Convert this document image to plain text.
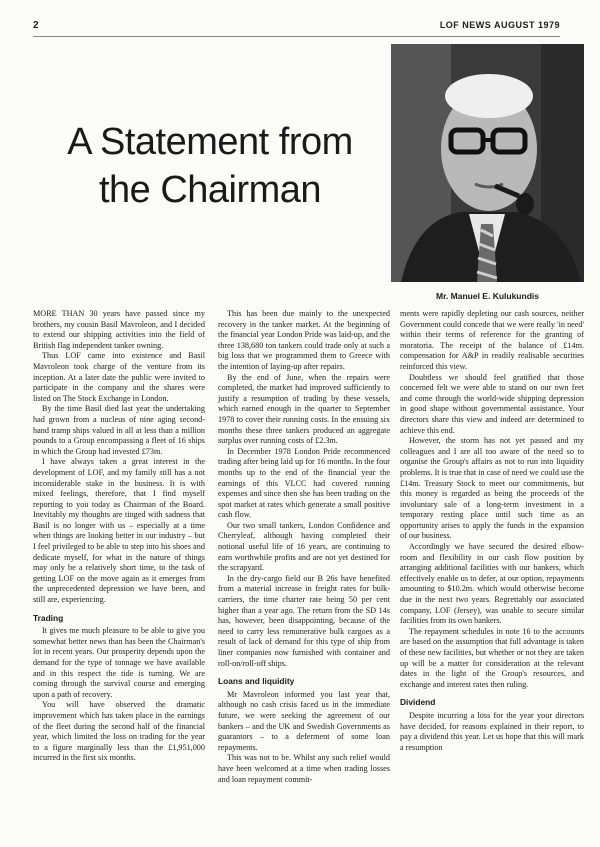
2	LOF NEWS AUGUST 1979
A Statement from
the Chairman
Mr. Manuel E. Kulukundis

MORE THAN 30 years have passed since my brothers, my cousin Basil Mavroleon, and I decided to extend our shipping activities into the field of British flag independent tanker owning.

Thus LOF came into existence and Basil Mavroleon took charge of the venture from its inception. At a later date the public were invited to participate in the company and the shares were listed on The Stock Exchange in London.

By the time Basil died last year the undertaking had grown from a nucleus of nine aging second-hand tramp ships valued in all at less than a million pounds to a Group encompassing a fleet of 16 ships in which the Group had invested £73m.

I have always taken a great interest in the development of LOF, and my family still has a not inconsiderable stake in the business. It is with mixed feelings, therefore, that I find myself reporting to you today as Chairman of the Board. Inevitably my thoughts are tinged with sadness that Basil is no longer with us – especially at a time when things are looking better in our industry – but I feel privileged to be able to step into his shoes and dedicate myself, for what in the nature of things may only be a relatively short time, to the task of getting LOF on the move again as it emerges from the unprecedented depression we have been, and still are, experiencing.

Trading

It gives me much pleasure to be able to give you somewhat better news than has been the Chairman's lot in recent years. Our prosperity depends upon the demand for the type of tonnage we have available and in this respect the tide is turning. We are coming through the survival course and emerging upon a path of recovery.

You will have observed the dramatic improvement which has taken place in the earnings of the fleet during the second half of the financial year, which limited the loss on trading for the year to a figure marginally less than the £1,951,000 incurred in the first six months.

This has been due mainly to the unexpected recovery in the tanker market. At the beginning of the financial year London Pride was laid-up, and the three 138,680 ton tankers could trade only at such a big loss that we programmed them to Greece with the intention of laying-up after repairs.

By the end of June, when the repairs were completed, the market had improved sufficiently to justify a resumption of trading by these vessels, which earned enough in the quarter to September 1978 to cover their running costs. In the ensuing six months these three tankers produced an aggregate surplus over running costs of £2.3m.

In December 1978 London Pride recommenced trading after being laid up for 16 months. In the four months up to the end of the financial year the earnings of this VLCC had covered running expenses and since then she has been trading on the spot market at rates which generate a small positive cash flow.

Our two small tankers, London Confidence and Cherryleaf, although having completed their notional useful life of 16 years, are continuing to earn worthwhile profits and are not yet destined for the scrapyard.

In the dry-cargo field our B 26s have benefited from a material increase in freight rates for bulk-carriers, the time charter rate being 50 per cent higher than a year ago. The return from the SD 14s has, however, been disappointing, because of the need to carry less remunerative bulk cargoes as a result of lack of demand for this type of ship from liner companies now furnished with container and roll-on/roll-off ships.

Loans and liquidity

Mr Mavroleon informed you last year that, although no cash crisis faced us in the immediate future, we were seeking the agreement of our bankers – and the UK and Swedish Governments as guarantors – to a deferment of some loan repayments.

This was not to be. Whilst any such relief would have been welcomed at a time when trading losses and loan repayment commit-

ments were rapidly depleting our cash sources, neither Government could concede that we were really 'in need' within their terms of reference for the granting of moratoria. The receipt of the balance of £14m. compensation for A&P in readily realisable securities reinforced this view.

Doubtless we should feel gratified that those concerned felt we were able to stand on our own feet and come through the world-wide shipping depression in good shape without governmental assistance. Your directors share this view and indeed are determined to achieve this end.

However, the storm has not yet passed and my colleagues and I are all too aware of the need so to organise the Group's affairs as not to run into liquidity problems. It is true that in case of need we could use the £14m. Treasury Stock to meet our commitments, but this money is regarded as being the proceeds of the involuntary sale of a long-term investment in a temporary resting place until such time as an opportunity arises to apply the funds in the expansion of our business.

Accordingly we have secured the desired elbow-room and flexibility in our cash flow position by arranging additional facilities with our bankers, which effectively enable us to defer, at our option, repayments amounting to $10.2m. which would otherwise become due in the next two years. Regrettably our associated company, LOF (Jersey), was unable to secure similar facilities from its own bankers.

The repayment schedules in note 16 to the accounts are based on the assumption that full advantage is taken of these new facilities, but whether or not they are taken up will be a matter for consideration at the relevant dates in the light of the Group's resources, and exchange and interest rates then ruling.

Dividend

Despite incurring a loss for the year your directors have decided, for reasons explained in their report, to pay a dividend this year. Let us hope that this will mark a resumption
